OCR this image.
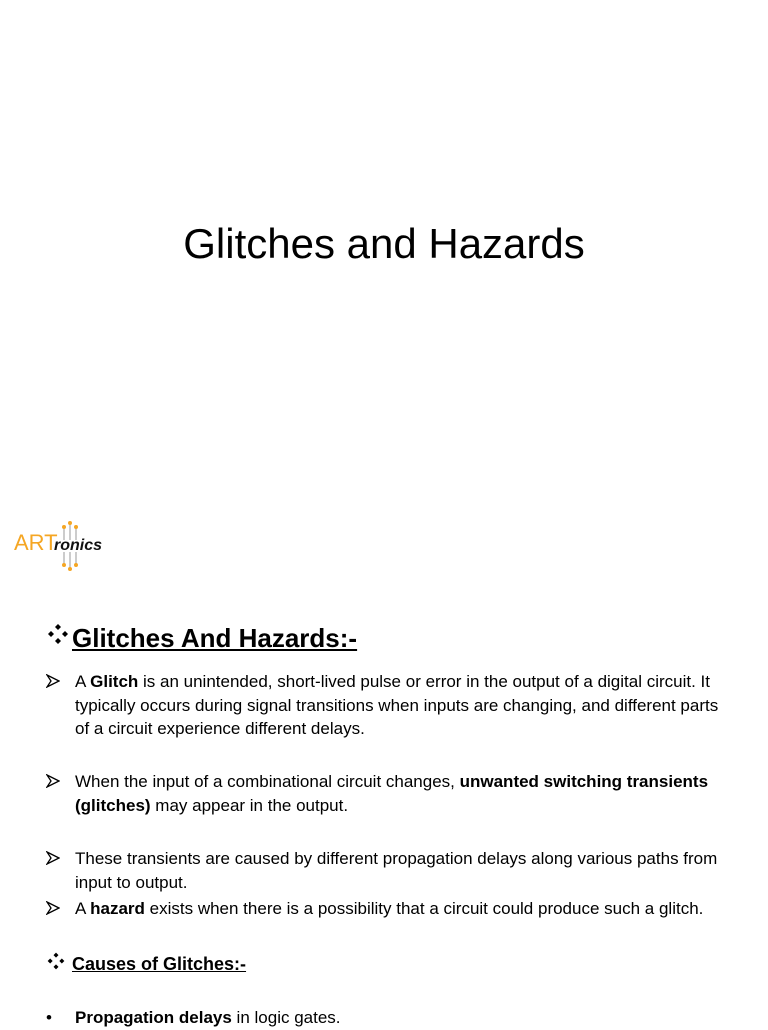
Glitches and Hazards
ART
ronics
Glitches And Hazards:-
A Glitch is an unintended, short-lived pulse or error in the output of a digital circuit. It typically occurs during signal transitions when inputs are changing, and different parts of a circuit experience different delays.
When the input of a combinational circuit changes, unwanted switching transients (glitches) may appear in the output.
These transients are caused by different propagation delays along various paths from input to output.
A hazard exists when there is a possibility that a circuit could produce such a glitch.
Causes of Glitches:-
•	Propagation delays in logic gates.
